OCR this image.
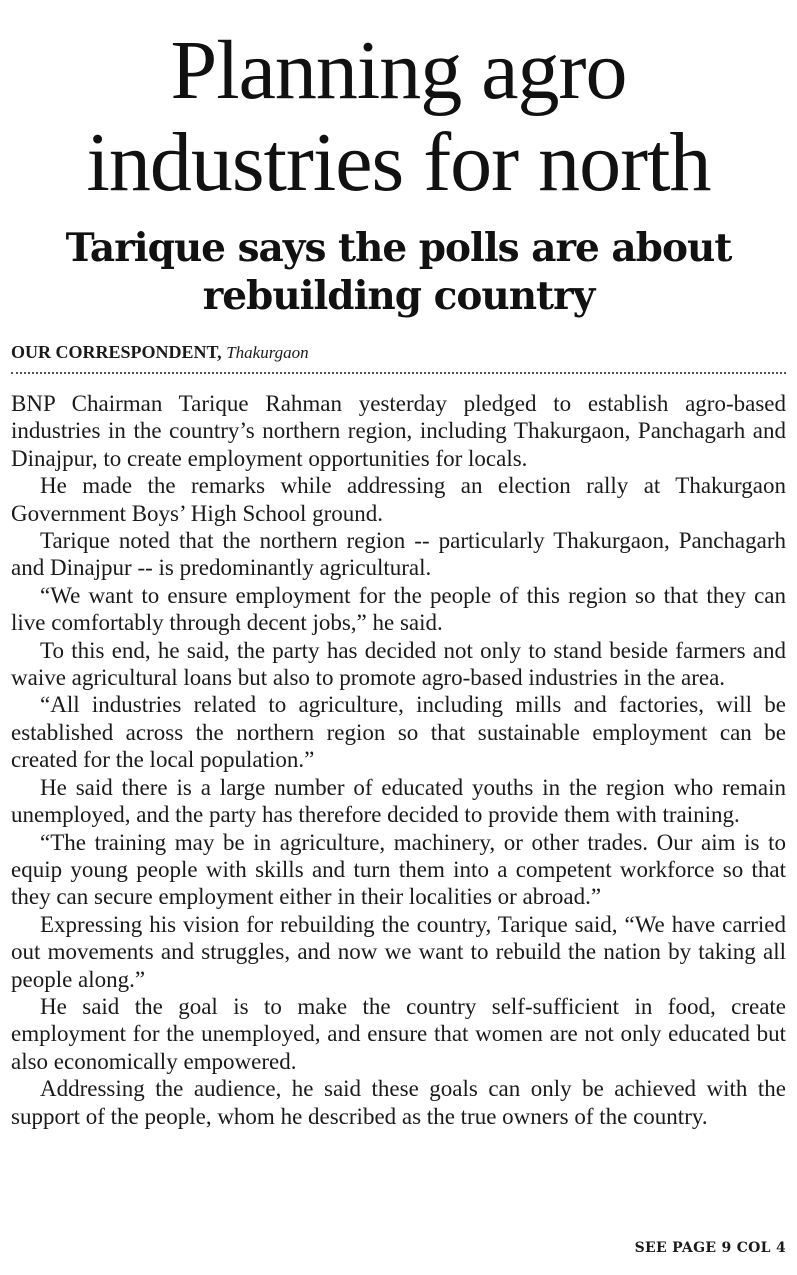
Planning agro
industries for north
Tarique says the polls are about
rebuilding country
OUR CORRESPONDENT, Thakurgaon

BNP Chairman Tarique Rahman yesterday pledged to establish agro-based industries in the country’s northern region, including Thakurgaon, Panchagarh and Dinajpur, to create employment opportunities for locals.

He made the remarks while addressing an election rally at Thakurgaon Government Boys’ High School ground.

Tarique noted that the northern region -- particularly Thakurgaon, Panchagarh and Dinajpur -- is predominantly agricultural.

“We want to ensure employment for the people of this region so that they can live comfortably through decent jobs,” he said.

To this end, he said, the party has decided not only to stand beside farmers and waive agricultural loans but also to promote agro-based industries in the area.

“All industries related to agriculture, including mills and factories, will be established across the northern region so that sustainable employment can be created for the local population.”

He said there is a large number of educated youths in the region who remain unemployed, and the party has therefore decided to provide them with training.

“The training may be in agriculture, machinery, or other trades. Our aim is to equip young people with skills and turn them into a competent workforce so that they can secure employment either in their localities or abroad.”

Expressing his vision for rebuilding the country, Tarique said, “We have carried out movements and struggles, and now we want to rebuild the nation by taking all people along.”

He said the goal is to make the country self-sufficient in food, create employment for the unemployed, and ensure that women are not only educated but also economically empowered.

Addressing the audience, he said these goals can only be achieved with the support of the people, whom he described as the true owners of the country.

SEE PAGE 9 COL 4
